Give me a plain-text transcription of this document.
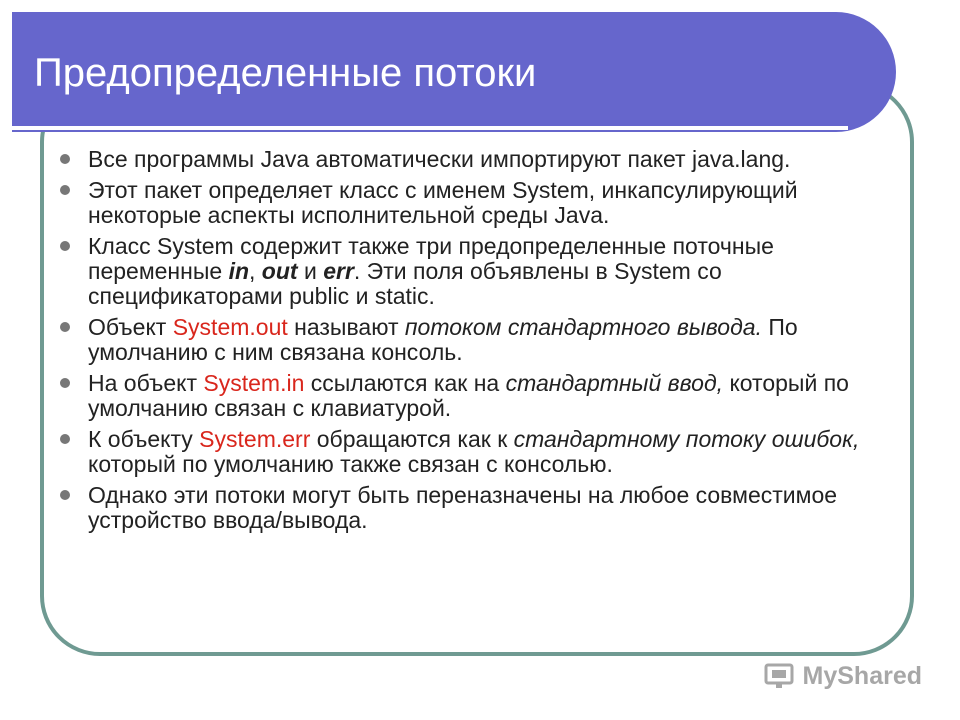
Предопределенные потоки
Все программы Java автоматически импортируют пакет java.lang.
Этот пакет определяет класс с именем System, инкапсулирующий некоторые аспекты исполнительной среды Java.
Класс System содержит также три предопределенные поточные переменные in, out и err. Эти поля объявлены в System со спецификаторами public и static.
Объект System.out называют потоком стандартного вывода. По умолчанию с ним связана консоль.
На объект System.in ссылаются как на стандартный ввод, который по умолчанию связан с клавиатурой.
К объекту System.err обращаются как к стандартному потоку ошибок, который по умолчанию также связан с консолью.
Однако эти потоки могут быть переназначены на любое совместимое устройство ввода/вывода.
MyShared
